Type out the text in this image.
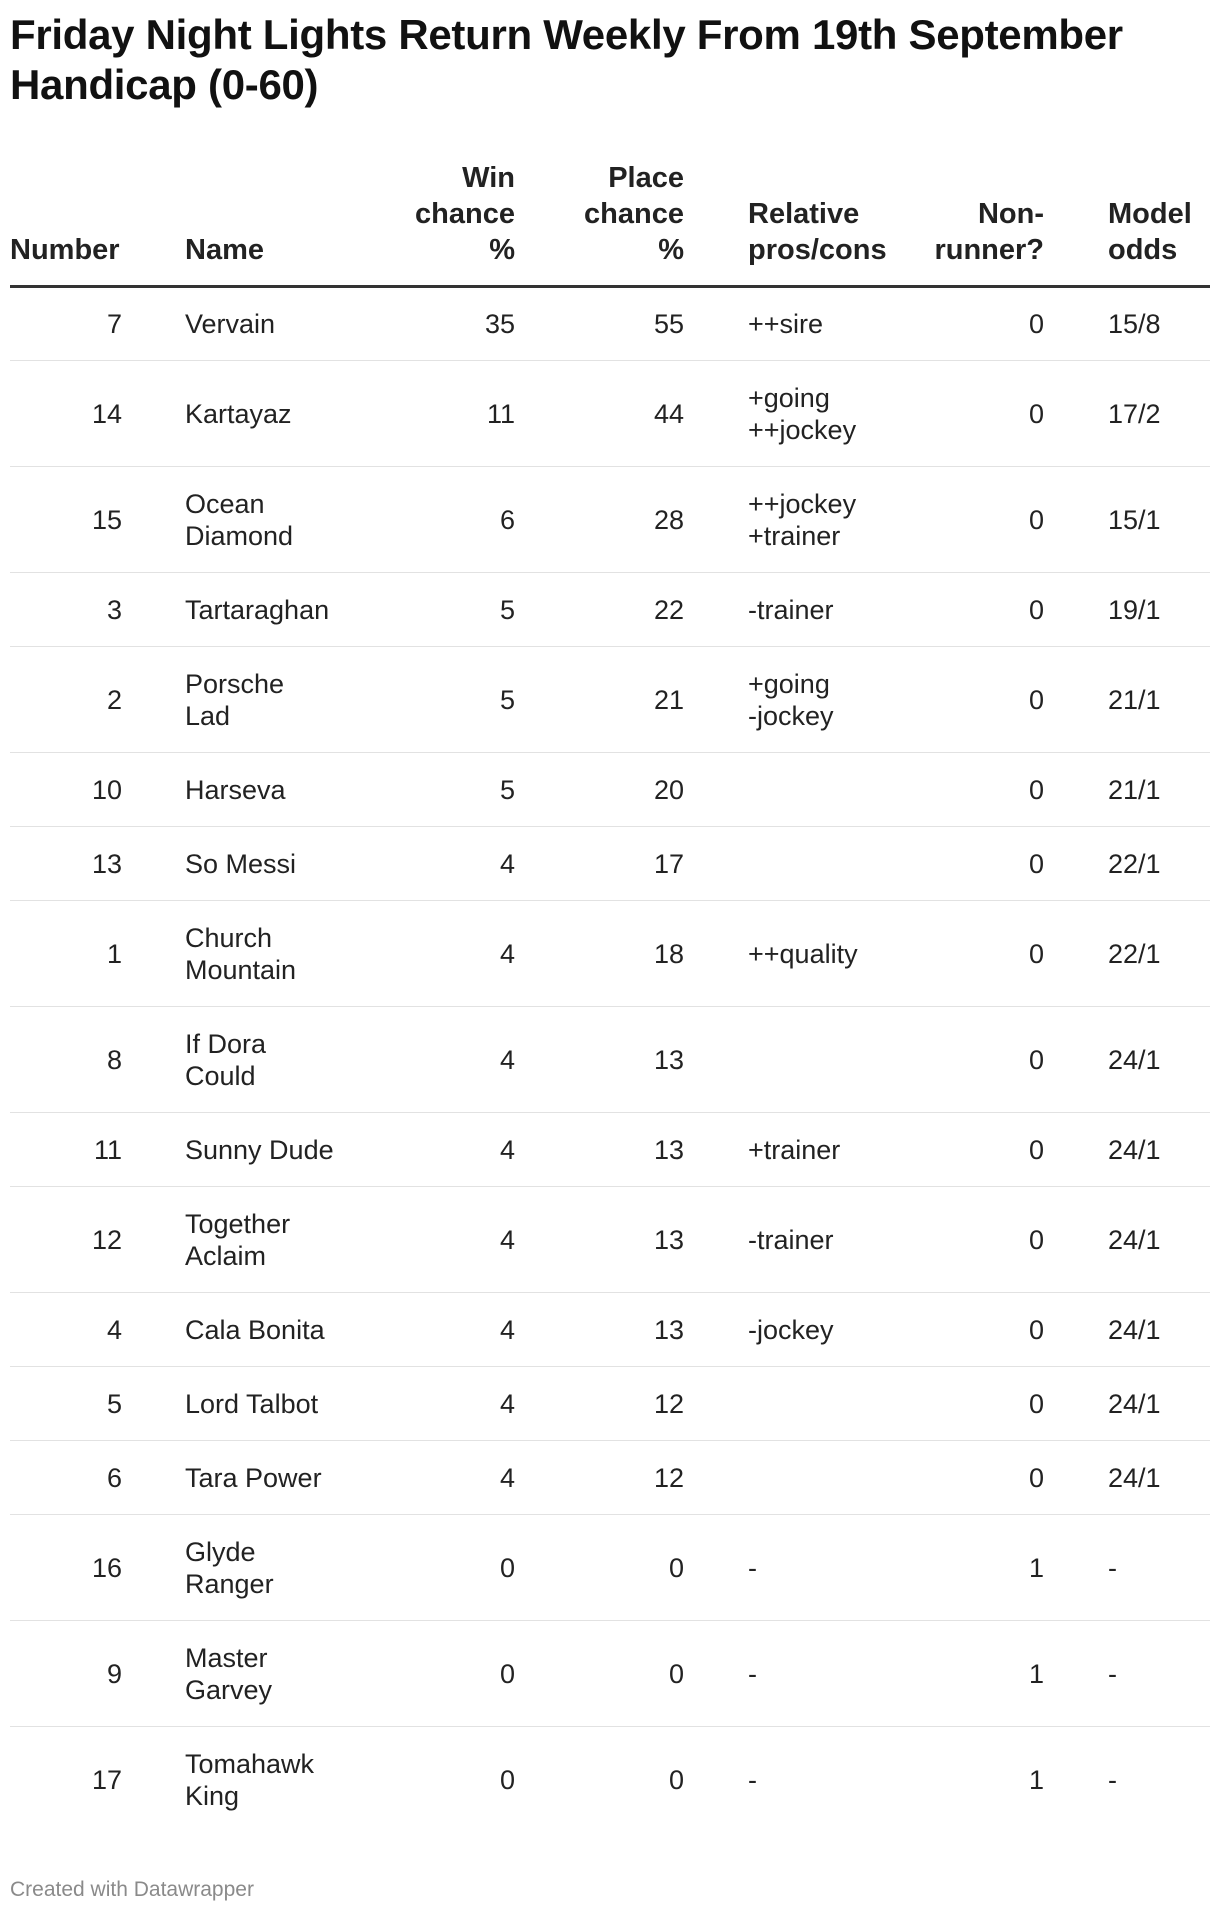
Friday Night Lights Return Weekly From 19th September Handicap (0-60)
Number		Name	Win
chance
%	Place
chance
%		Relative
pros/cons	Non-
runner?		Model
odds
7		Vervain	35	55		++sire	0		15/8
14		Kartayaz	11	44		+going
++jockey	0		17/2
15		Ocean
Diamond	6	28		++jockey
+trainer	0		15/1
3		Tartaraghan	5	22		-trainer	0		19/1
2		Porsche
Lad	5	21		+going
-jockey	0		21/1
10		Harseva	5	20			0		21/1
13		So Messi	4	17			0		22/1
1		Church
Mountain	4	18		++quality	0		22/1
8		If Dora
Could	4	13			0		24/1
11		Sunny Dude	4	13		+trainer	0		24/1
12		Together
Aclaim	4	13		-trainer	0		24/1
4		Cala Bonita	4	13		-jockey	0		24/1
5		Lord Talbot	4	12			0		24/1
6		Tara Power	4	12			0		24/1
16		Glyde
Ranger	0	0		-	1		-
9		Master
Garvey	0	0		-	1		-
17		Tomahawk
King	0	0		-	1		-
Created with Datawrapper
